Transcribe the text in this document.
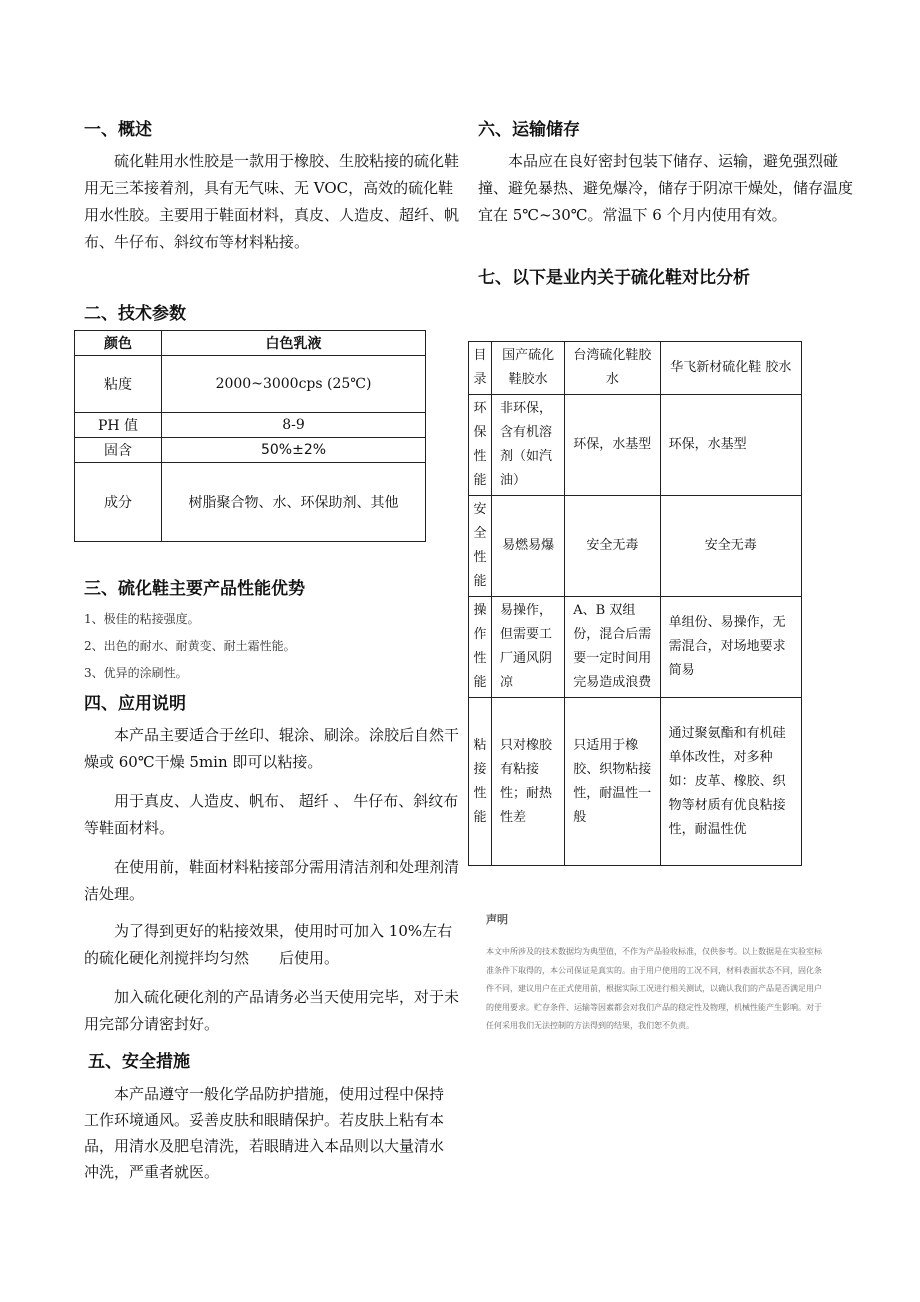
一、概述

硫化鞋用水性胶是一款用于橡胶、生胶粘接的硫化鞋用无三苯接着剂，具有无气味、无 VOC，高效的硫化鞋用水性胶。主要用于鞋面材料，真皮、人造皮、超纤、帆布、牛仔布、斜纹布等材料粘接。

二、技术参数
颜色	白色乳液
粘度	2000~3000cps (25℃)
PH 值	8-9
固含	50%±2%
成分	树脂聚合物、水、环保助剂、其他
三、硫化鞋主要产品性能优势
1、极佳的粘接强度。
2、出色的耐水、耐黄变、耐土霜性能。
3、优异的涂刷性。
四、应用说明

本产品主要适合于丝印、辊涂、刷涂。涂胶后自然干燥或 60℃干燥 5min 即可以粘接。

用于真皮、人造皮、帆布、 超纤 、 牛仔布、斜纹布等鞋面材料。

在使用前，鞋面材料粘接部分需用清洁剂和处理剂清洁处理。

为了得到更好的粘接效果，使用时可加入 10%左右的硫化硬化剂搅拌均匀然　　后使用。

加入硫化硬化剂的产品请务必当天使用完毕，对于未用完部分请密封好。

五、安全措施

本产品遵守一般化学品防护措施，使用过程中保持工作环境通风。妥善皮肤和眼睛保护。若皮肤上粘有本品，用清水及肥皂清洗，若眼睛进入本品则以大量清水冲洗，严重者就医。

六、运输储存

本品应在良好密封包装下储存、运输，避免强烈碰撞、避免暴热、避免爆冷，储存于阴凉干燥处，储存温度宜在 5℃~30℃。常温下 6 个月内使用有效。

七、以下是业内关于硫化鞋对比分析
目录	国产硫化鞋胶水	台湾硫化鞋胶水	华飞新材硫化鞋 胶水
环保性能	非环保，含有机溶剂（如汽油）	环保，水基型	环保，水基型
安全性能	易燃易爆	安全无毒	安全无毒
操作性能	易操作，但需要工厂通风阴凉	A、B 双组份，混合后需要一定时间用完易造成浪费	单组份、易操作，无需混合，对场地要求简易
粘接性能	只对橡胶有粘接性；耐热性差	只适用于橡胶、织物粘接性，耐温性一般	通过聚氨酯和有机硅单体改性，对多种如：皮革、橡胶、织物等材质有优良粘接性，耐温性优
声明
本文中所涉及的技术数据均为典型值，不作为产品验收标准，仅供参考。以上数据是在实验室标准条件下取得的，本公司保证是真实的。由于用户使用的工况不同，材料表面状态不同，固化条件不同，建议用户在正式使用前，根据实际工况进行相关测试，以确认我们的产品是否满足用户的使用要求。贮存条件、运输等因素都会对我们产品的稳定性及物理，机械性能产生影响。对于任何采用我们无法控制的方法得到的结果，我们恕不负责。
